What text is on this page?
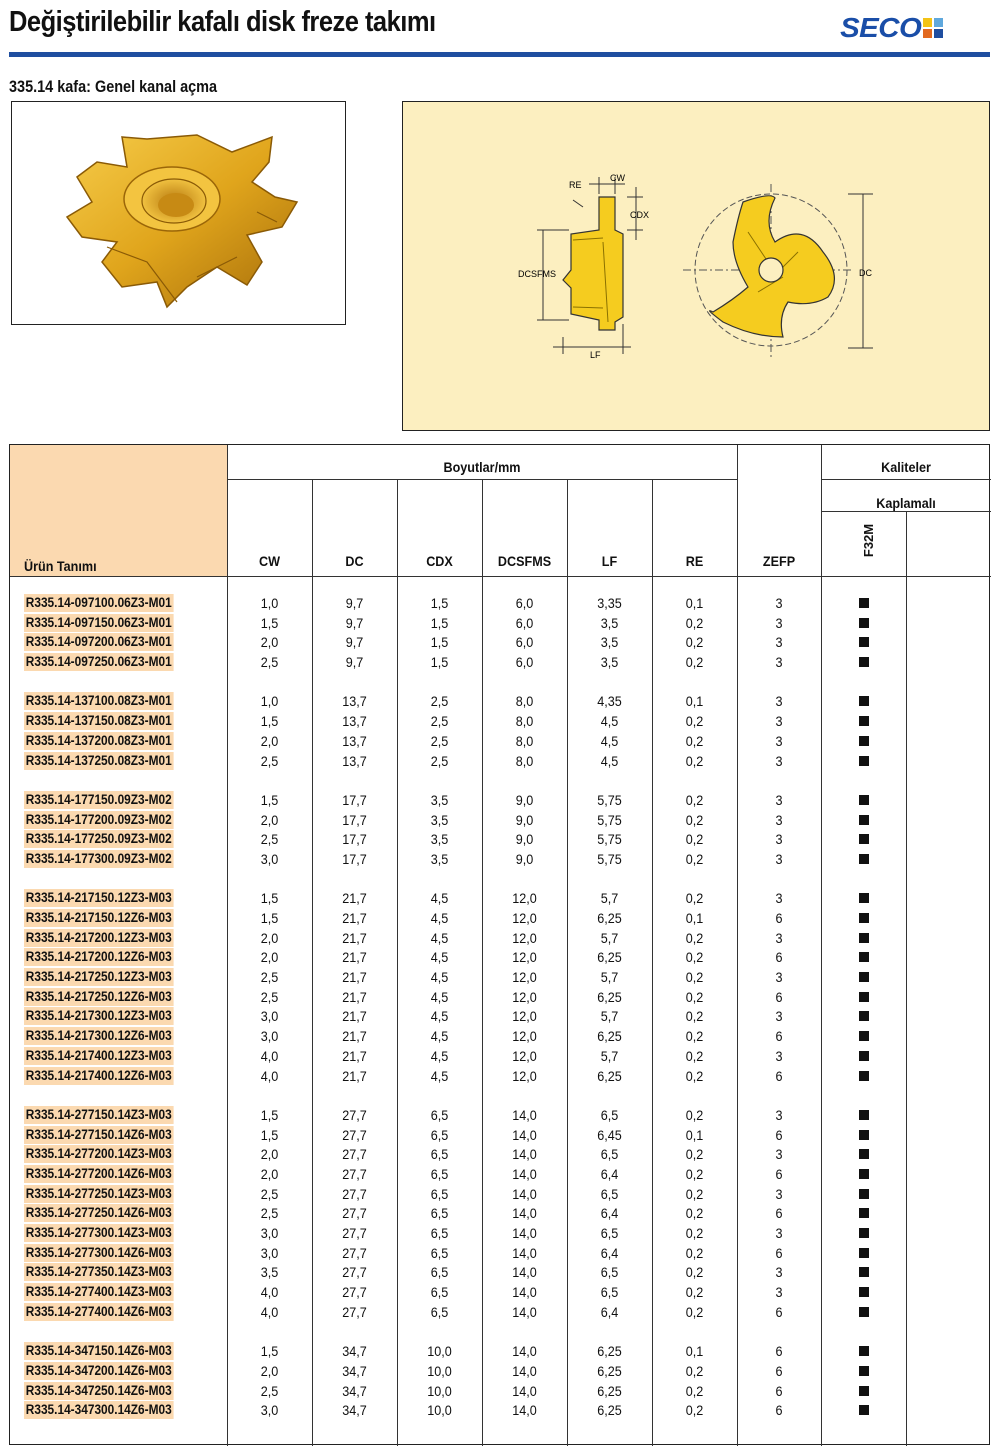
Değiştirilebilir kafalı disk freze takımı	SECO
335.14 kafa: Genel kanal açma
CW
RE
CDX
DCSFMS
LF
DC
Ürün Tanımı
Boyutlar/mm	Kaliteler
Kaplamalı
CW	DC	CDX	DCSFMS	LF	RE	ZEFP
F32M
R335.14-097100.06Z3-M01	1,0	9,7	1,5	6,0	3,35	0,1	3
R335.14-097150.06Z3-M01	1,5	9,7	1,5	6,0	3,5	0,2	3
R335.14-097200.06Z3-M01	2,0	9,7	1,5	6,0	3,5	0,2	3
R335.14-097250.06Z3-M01	2,5	9,7	1,5	6,0	3,5	0,2	3
R335.14-137100.08Z3-M01	1,0	13,7	2,5	8,0	4,35	0,1	3
R335.14-137150.08Z3-M01	1,5	13,7	2,5	8,0	4,5	0,2	3
R335.14-137200.08Z3-M01	2,0	13,7	2,5	8,0	4,5	0,2	3
R335.14-137250.08Z3-M01	2,5	13,7	2,5	8,0	4,5	0,2	3
R335.14-177150.09Z3-M02	1,5	17,7	3,5	9,0	5,75	0,2	3
R335.14-177200.09Z3-M02	2,0	17,7	3,5	9,0	5,75	0,2	3
R335.14-177250.09Z3-M02	2,5	17,7	3,5	9,0	5,75	0,2	3
R335.14-177300.09Z3-M02	3,0	17,7	3,5	9,0	5,75	0,2	3
R335.14-217150.12Z3-M03	1,5	21,7	4,5	12,0	5,7	0,2	3
R335.14-217150.12Z6-M03	1,5	21,7	4,5	12,0	6,25	0,1	6
R335.14-217200.12Z3-M03	2,0	21,7	4,5	12,0	5,7	0,2	3
R335.14-217200.12Z6-M03	2,0	21,7	4,5	12,0	6,25	0,2	6
R335.14-217250.12Z3-M03	2,5	21,7	4,5	12,0	5,7	0,2	3
R335.14-217250.12Z6-M03	2,5	21,7	4,5	12,0	6,25	0,2	6
R335.14-217300.12Z3-M03	3,0	21,7	4,5	12,0	5,7	0,2	3
R335.14-217300.12Z6-M03	3,0	21,7	4,5	12,0	6,25	0,2	6
R335.14-217400.12Z3-M03	4,0	21,7	4,5	12,0	5,7	0,2	3
R335.14-217400.12Z6-M03	4,0	21,7	4,5	12,0	6,25	0,2	6
R335.14-277150.14Z3-M03	1,5	27,7	6,5	14,0	6,5	0,2	3
R335.14-277150.14Z6-M03	1,5	27,7	6,5	14,0	6,45	0,1	6
R335.14-277200.14Z3-M03	2,0	27,7	6,5	14,0	6,5	0,2	3
R335.14-277200.14Z6-M03	2,0	27,7	6,5	14,0	6,4	0,2	6
R335.14-277250.14Z3-M03	2,5	27,7	6,5	14,0	6,5	0,2	3
R335.14-277250.14Z6-M03	2,5	27,7	6,5	14,0	6,4	0,2	6
R335.14-277300.14Z3-M03	3,0	27,7	6,5	14,0	6,5	0,2	3
R335.14-277300.14Z6-M03	3,0	27,7	6,5	14,0	6,4	0,2	6
R335.14-277350.14Z3-M03	3,5	27,7	6,5	14,0	6,5	0,2	3
R335.14-277400.14Z3-M03	4,0	27,7	6,5	14,0	6,5	0,2	3
R335.14-277400.14Z6-M03	4,0	27,7	6,5	14,0	6,4	0,2	6
R335.14-347150.14Z6-M03	1,5	34,7	10,0	14,0	6,25	0,1	6
R335.14-347200.14Z6-M03	2,0	34,7	10,0	14,0	6,25	0,2	6
R335.14-347250.14Z6-M03	2,5	34,7	10,0	14,0	6,25	0,2	6
R335.14-347300.14Z6-M03	3,0	34,7	10,0	14,0	6,25	0,2	6
